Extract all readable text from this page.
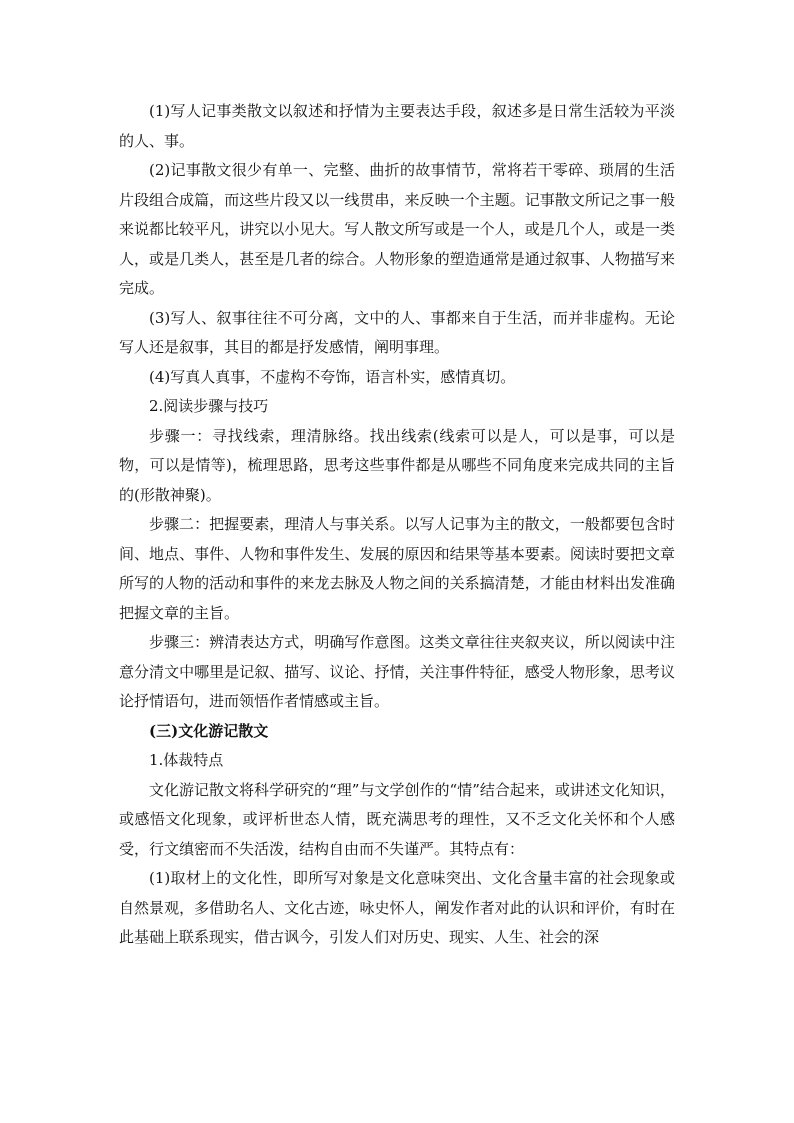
(1)写人记事类散文以叙述和抒情为主要表达手段，叙述多是日常生活较为平淡的人、事。

(2)记事散文很少有单一、完整、曲折的故事情节，常将若干零碎、琐屑的生活片段组合成篇，而这些片段又以一线贯串，来反映一个主题。记事散文所记之事一般来说都比较平凡，讲究以小见大。写人散文所写或是一个人，或是几个人，或是一类人，或是几类人，甚至是几者的综合。人物形象的塑造通常是通过叙事、人物描写来完成。

(3)写人、叙事往往不可分离，文中的人、事都来自于生活，而并非虚构。无论写人还是叙事，其目的都是抒发感情，阐明事理。

(4)写真人真事，不虚构不夸饰，语言朴实，感情真切。

2.阅读步骤与技巧

步骤一：寻找线索，理清脉络。找出线索(线索可以是人，可以是事，可以是物，可以是情等)，梳理思路，思考这些事件都是从哪些不同角度来完成共同的主旨的(形散神聚)。

步骤二：把握要素，理清人与事关系。以写人记事为主的散文，一般都要包含时间、地点、事件、人物和事件发生、发展的原因和结果等基本要素。阅读时要把文章所写的人物的活动和事件的来龙去脉及人物之间的关系搞清楚，才能由材料出发准确把握文章的主旨。

步骤三：辨清表达方式，明确写作意图。这类文章往往夹叙夹议，所以阅读中注意分清文中哪里是记叙、描写、议论、抒情，关注事件特征，感受人物形象，思考议论抒情语句，进而领悟作者情感或主旨。

(三)文化游记散文

1.体裁特点

文化游记散文将科学研究的“理”与文学创作的“情”结合起来，或讲述文化知识，或感悟文化现象，或评析世态人情，既充满思考的理性，又不乏文化关怀和个人感受，行文缜密而不失活泼，结构自由而不失谨严。其特点有：

(1)取材上的文化性，即所写对象是文化意味突出、文化含量丰富的社会现象或自然景观，多借助名人、文化古迹，咏史怀人，阐发作者对此的认识和评价，有时在此基础上联系现实，借古讽今，引发人们对历史、现实、人生、社会的深
